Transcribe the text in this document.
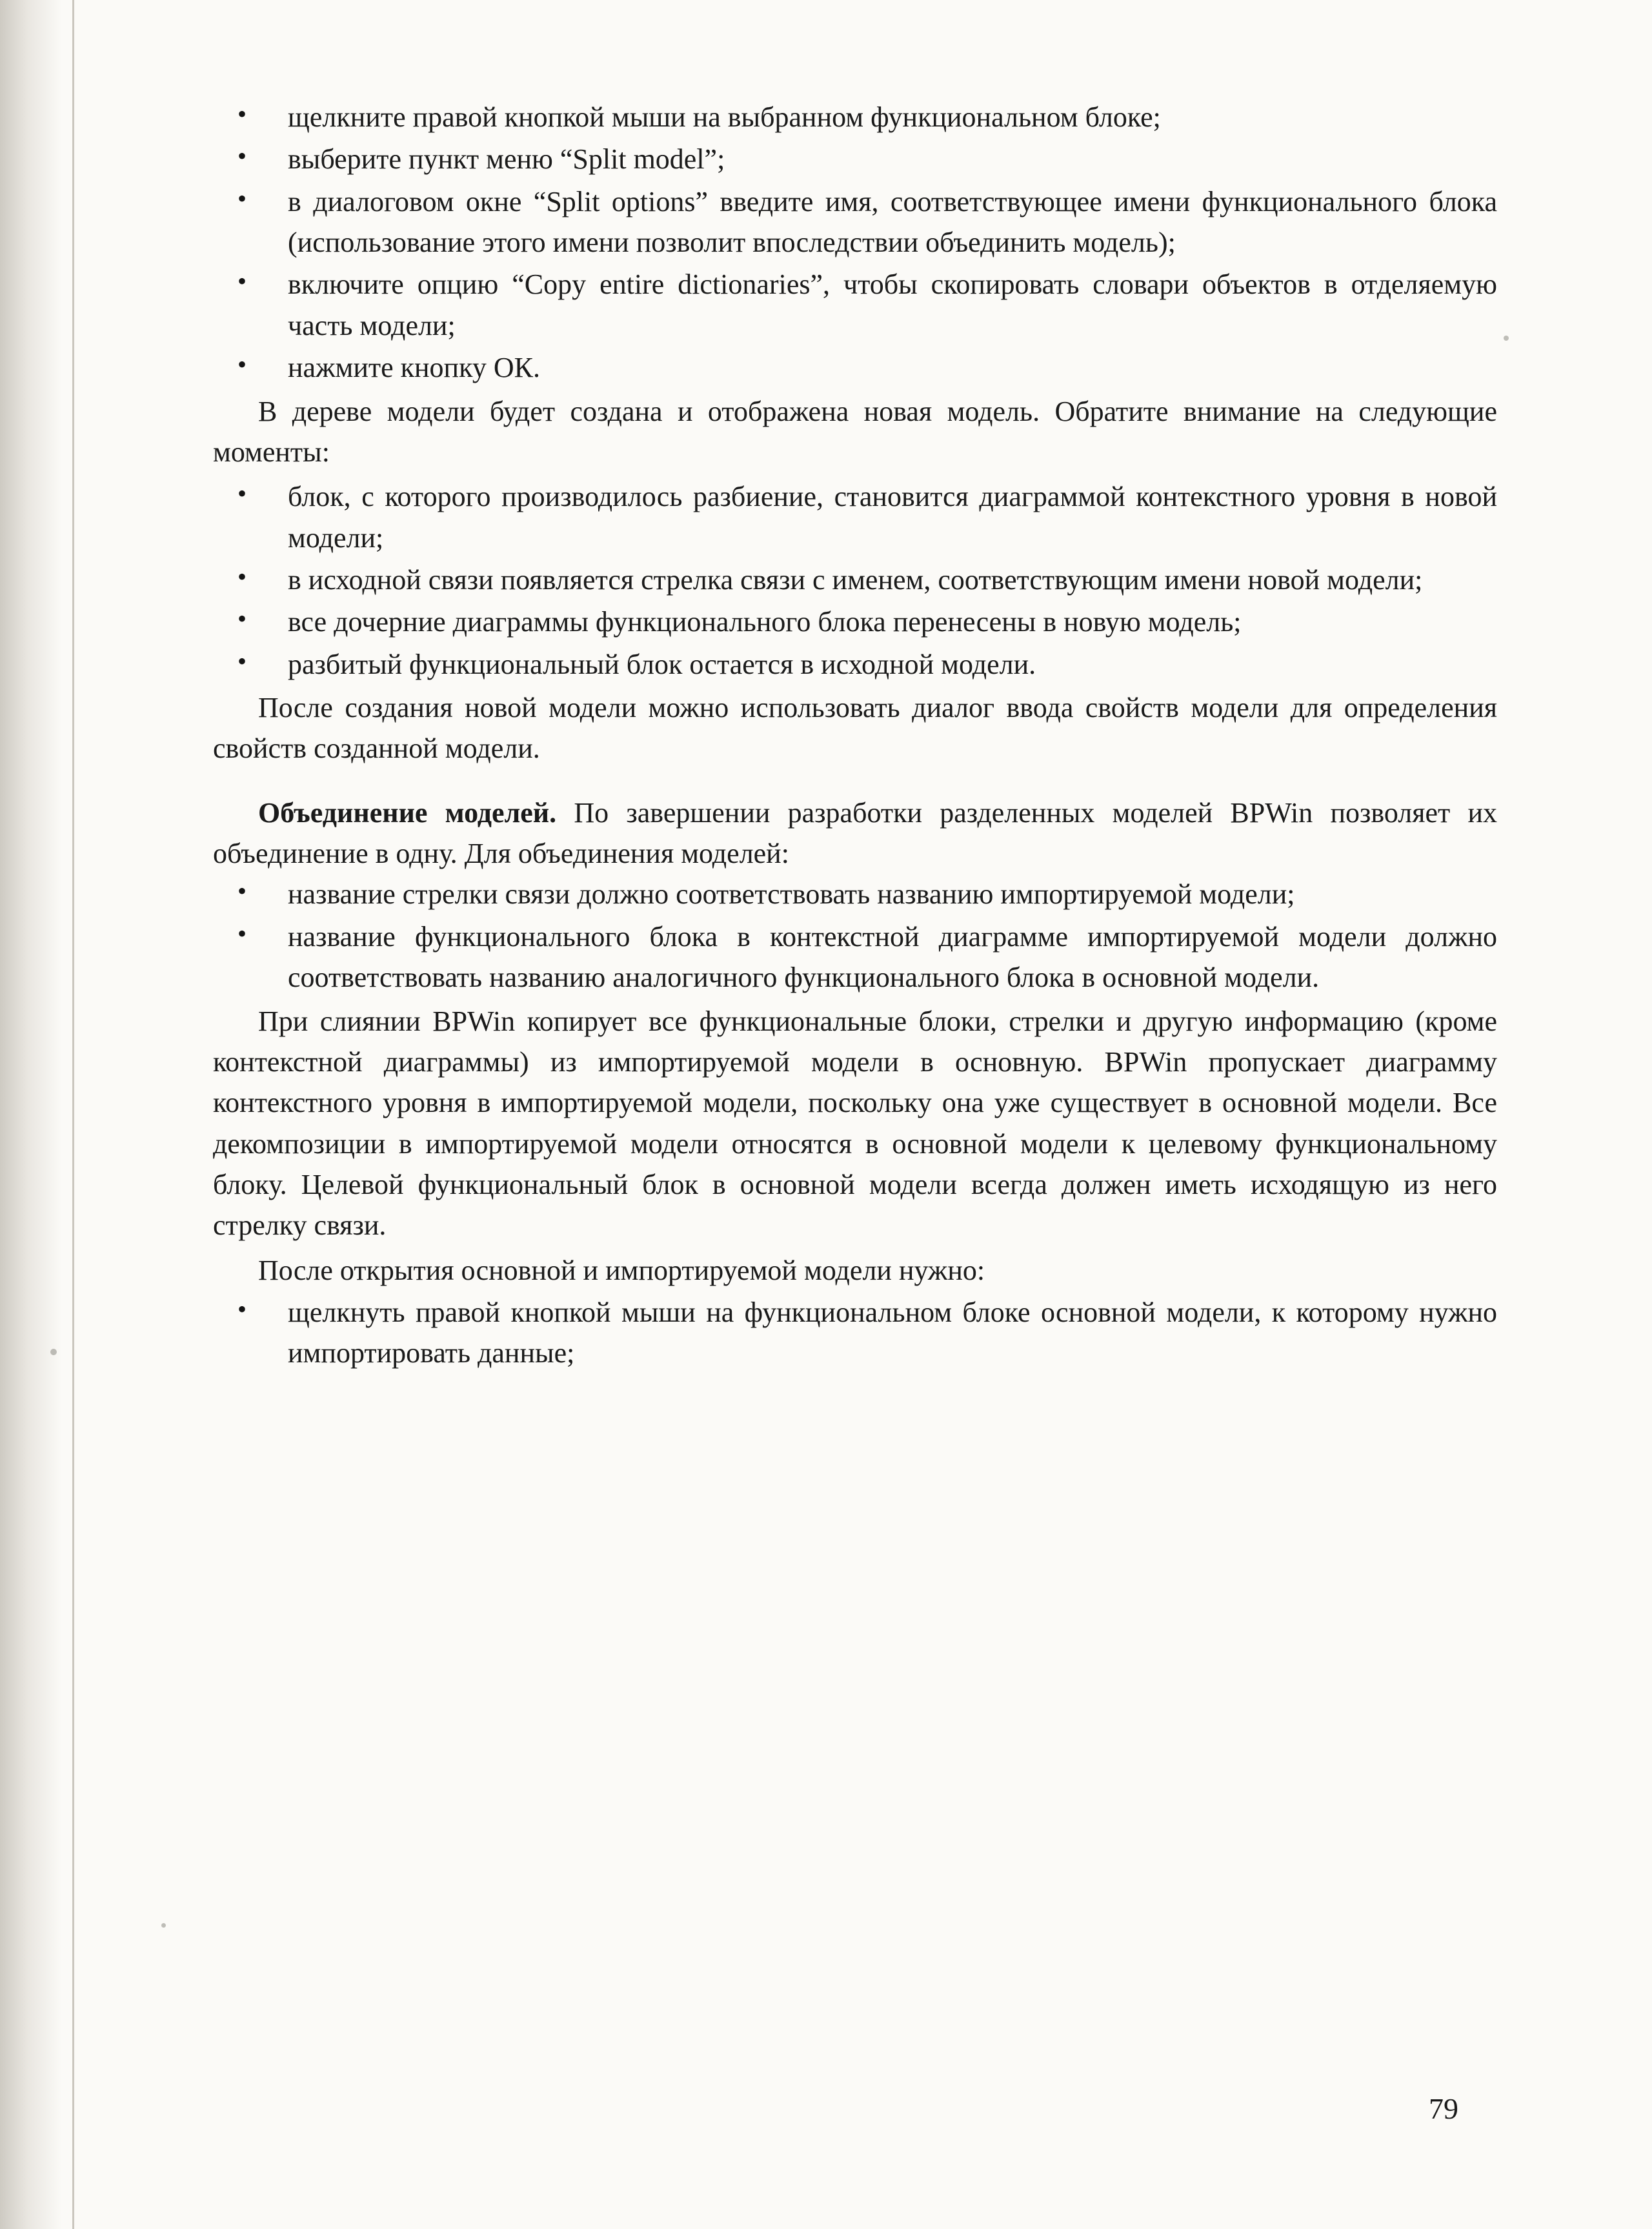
• щелкните правой кнопкой мыши на выбранном функциональном блоке;
• выберите пункт меню “Split model”;
• в диалоговом окне “Split options” введите имя, соответствующее имени функционального блока (использование этого имени позволит впоследствии объединить модель);
• включите опцию “Copy entire dictionaries”, чтобы скопировать словари объектов в отделяемую часть модели;
• нажмите кнопку ОК.

В дереве модели будет создана и отображена новая модель. Обратите внимание на следующие моменты:

• блок, с которого производилось разбиение, становится диаграммой контекстного уровня в новой модели;
• в исходной связи появляется стрелка связи с именем, соответствующим имени новой модели;
• все дочерние диаграммы функционального блока перенесены в новую модель;
• разбитый функциональный блок остается в исходной модели.

После создания новой модели можно использовать диалог ввода свойств модели для определения свойств созданной модели.

Объединение моделей. По завершении разработки разделенных моделей BPWin позволяет их объединение в одну. Для объединения моделей:

• название стрелки связи должно соответствовать названию импортируемой модели;
• название функционального блока в контекстной диаграмме импортируемой модели должно соответствовать названию аналогичного функционального блока в основной модели.

При слиянии BPWin копирует все функциональные блоки, стрелки и другую информацию (кроме контекстной диаграммы) из импортируемой модели в основную. BPWin пропускает диаграмму контекстного уровня в импортируемой модели, поскольку она уже существует в основной модели. Все декомпозиции в импортируемой модели относятся в основной модели к целевому функциональному блоку. Целевой функциональный блок в основной модели всегда должен иметь исходящую из него стрелку связи.

После открытия основной и импортируемой модели нужно:

• щелкнуть правой кнопкой мыши на функциональном блоке основной модели, к которому нужно импортировать данные;
79
